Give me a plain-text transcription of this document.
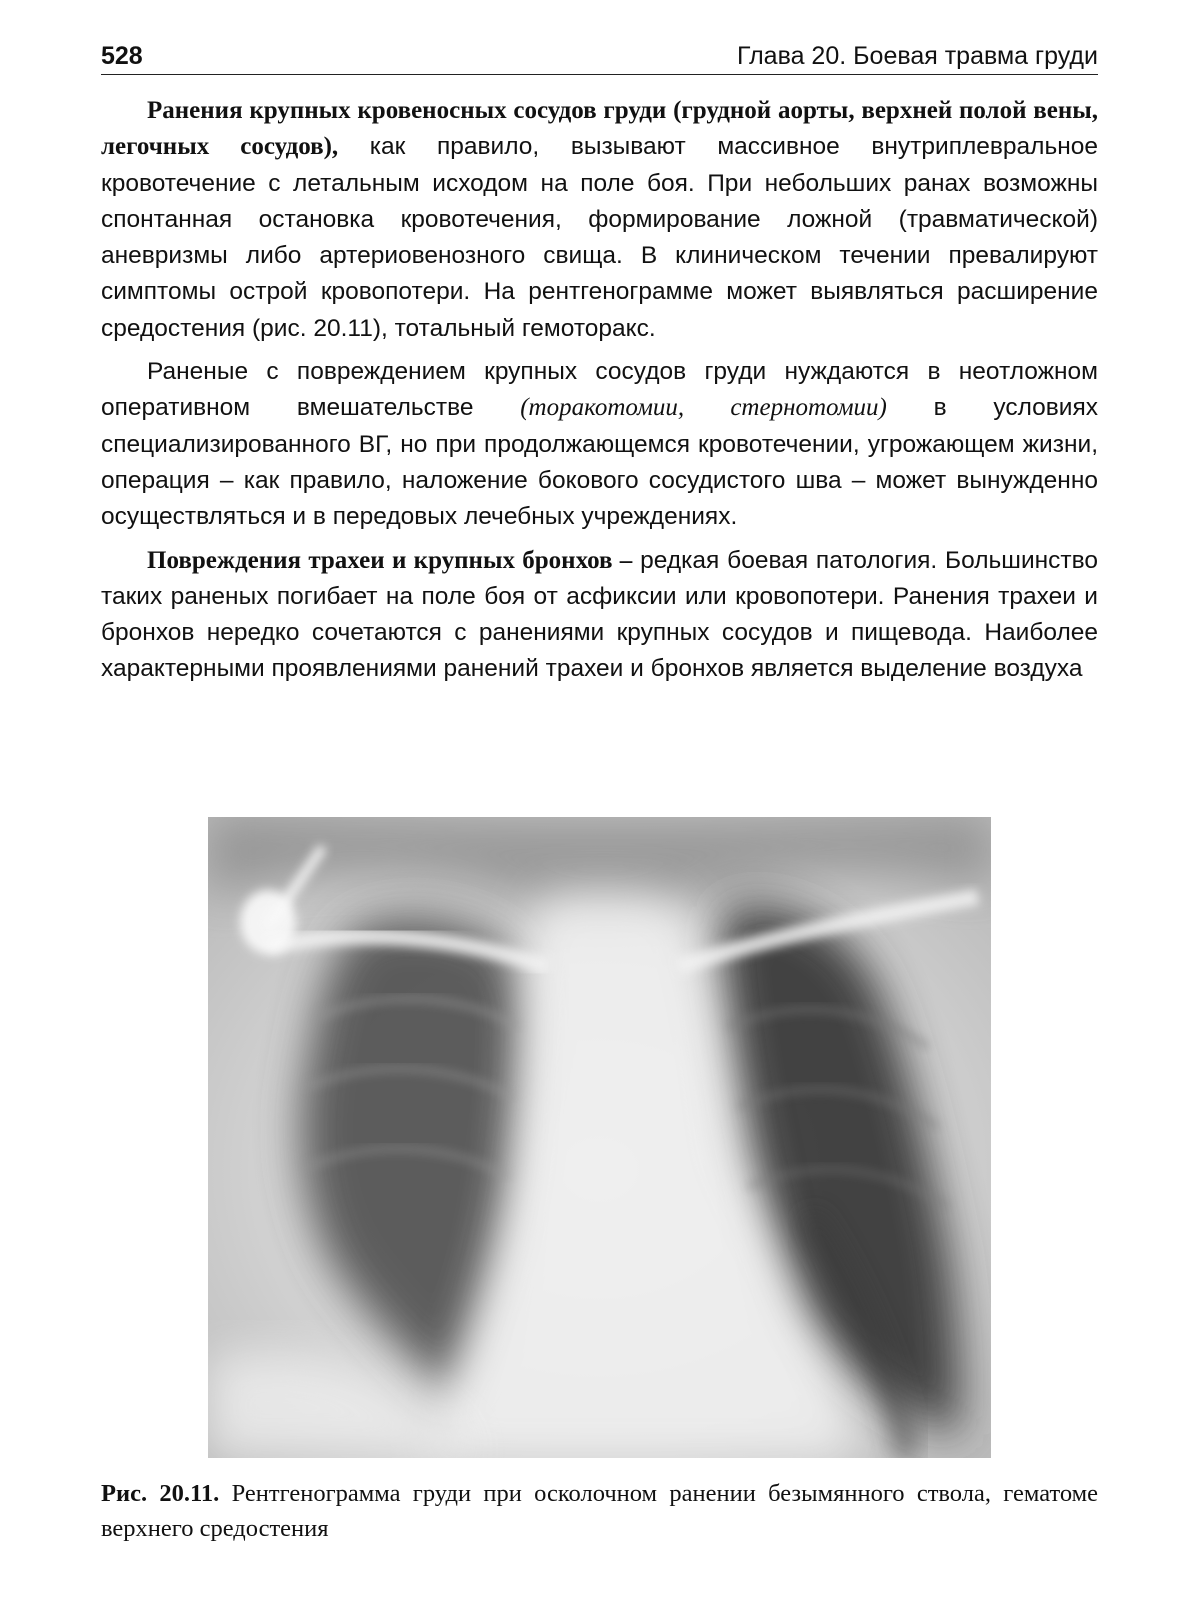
528	Глава 20. Боевая травма груди

Ранения крупных кровеносных сосудов груди (грудной аорты, верхней полой вены, легочных сосудов), как правило, вызывают массивное внутриплевральное кровотечение с летальным исходом на поле боя. При небольших ранах возможны спонтанная остановка кровотечения, формирование ложной (травматической) аневризмы либо артериовенозного свища. В клиническом течении превалируют симптомы острой кровопотери. На рентгенограмме может выявляться расширение средостения (рис. 20.11), тотальный гемоторакс.

Раненые с повреждением крупных сосудов груди нуждаются в неотложном оперативном вмешательстве (торакотомии, стернотомии) в условиях специализированного ВГ, но при продолжающемся кровотечении, угрожающем жизни, операция – как правило, наложение бокового сосудистого шва – может вынужденно осуществляться и в передовых лечебных учреждениях.

Повреждения трахеи и крупных бронхов – редкая боевая патология. Большинство таких раненых погибает на поле боя от асфиксии или кровопотери. Ранения трахеи и бронхов нередко сочетаются с ранениями крупных сосудов и пищевода. Наиболее характерными проявлениями ранений трахеи и бронхов является выделение воздуха

Рис. 20.11. Рентгенограмма груди при осколочном ранении безымянного ствола, гематоме верхнего средостения
